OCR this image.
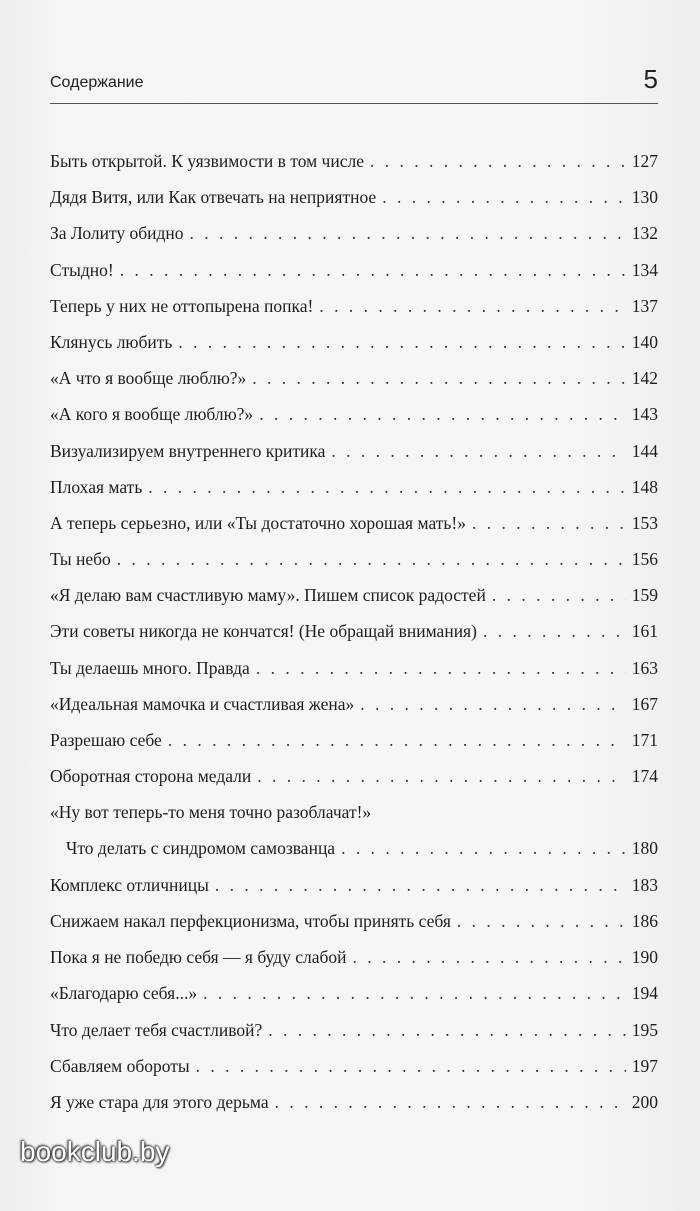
Содержание	5
Быть открытой. К уязвимости в том числе . . .	127
Дядя Витя, или Как отвечать на неприятное . . .	130
За Лолиту обидно . . .	132
Стыдно! . . .	134
Теперь у них не оттопырена попка! . . .	137
Клянусь любить . . .	140
«А что я вообще люблю?» . . .	142
«А кого я вообще люблю?» . . .	143
Визуализируем внутреннего критика . . .	144
Плохая мать . . .	148
А теперь серьезно, или «Ты достаточно хорошая мать!» . . .	153
Ты небо . . .	156
«Я делаю вам счастливую маму». Пишем список радостей . . .	159
Эти советы никогда не кончатся! (Не обращай внимания) . . .	161
Ты делаешь много. Правда . . .	163
«Идеальная мамочка и счастливая жена» . . .	167
Разрешаю себе . . .	171
Оборотная сторона медали . . .	174
«Ну вот теперь-то меня точно разоблачат!»
Что делать с синдромом самозванца . . .	180
Комплекс отличницы . . .	183
Снижаем накал перфекционизма, чтобы принять себя . . .	186
Пока я не победю себя — я буду слабой . . .	190
«Благодарю себя...» . . .	194
Что делает тебя счастливой? . . .	195
Сбавляем обороты . . .	197
Я уже стара для этого дерьма . . .	200
bookclub.by
